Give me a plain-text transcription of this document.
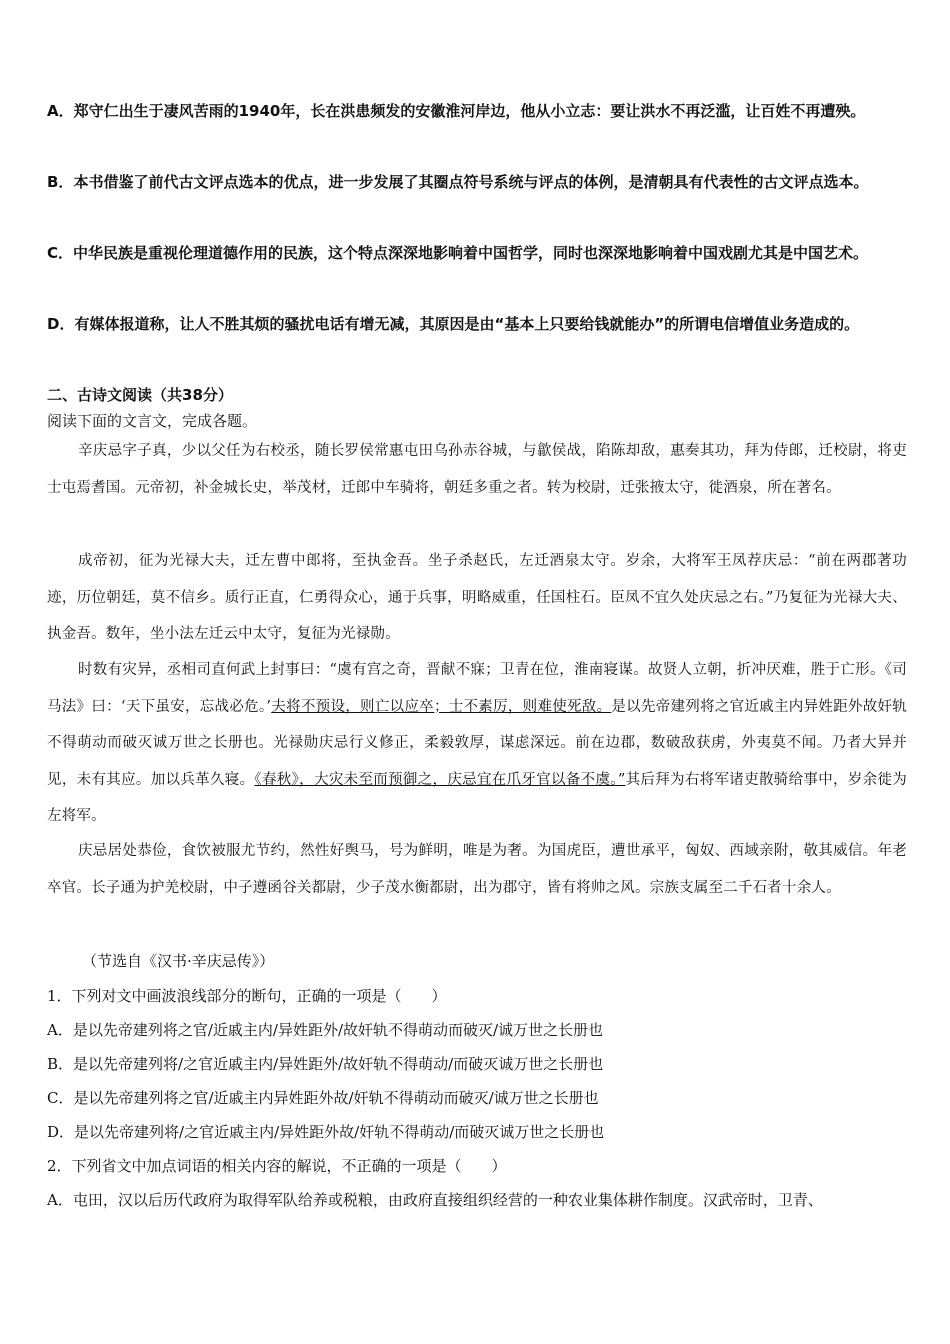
A．郑守仁出生于凄风苦雨的1940年，长在洪患频发的安徽淮河岸边，他从小立志：要让洪水不再泛滥，让百姓不再遭殃。
B．本书借鉴了前代古文评点选本的优点，进一步发展了其圈点符号系统与评点的体例，是清朝具有代表性的古文评点选本。
C．中华民族是重视伦理道德作用的民族，这个特点深深地影响着中国哲学，同时也深深地影响着中国戏剧尤其是中国艺术。
D．有媒体报道称，让人不胜其烦的骚扰电话有增无减，其原因是由“基本上只要给钱就能办”的所谓电信增值业务造成的。
二、古诗文阅读（共38分）
阅读下面的文言文，完成各题。
辛庆忌字子真，少以父任为右校丞，随长罗侯常惠屯田乌孙赤谷城，与歙侯战，陷陈却敌，惠奏其功，拜为侍郎，迁校尉，将吏士屯焉耆国。元帝初，补金城长史，举茂材，迁郎中车骑将，朝廷多重之者。转为校尉，迁张掖太守，徙酒泉，所在著名。
成帝初，征为光禄大夫，迁左曹中郎将，至执金吾。坐子杀赵氏，左迁酒泉太守。岁余，大将军王凤荐庆忌：“前在两郡著功迹，历位朝廷，莫不信乡。质行正直，仁勇得众心，通于兵事，明略威重，任国柱石。臣凤不宜久处庆忌之右。”乃复征为光禄大夫、执金吾。数年，坐小法左迁云中太守，复征为光禄勋。
时数有灾异，丞相司直何武上封事曰：“虞有宫之奇，晋献不寐；卫青在位，淮南寝谋。故贤人立朝，折冲厌难，胜于亡形。《司马法》曰：‘天下虽安，忘战必危。’夫将不预设，则亡以应卒；士不素厉，则难使死敌。是以先帝建列将之官近戚主内异姓距外故奸轨不得萌动而破灭诚万世之长册也。光禄勋庆忌行义修正，柔毅敦厚，谋虑深远。前在边郡，数破敌获虏，外夷莫不闻。乃者大异并见，未有其应。加以兵革久寝。《春秋》，大灾未至而预御之，庆忌宜在爪牙官以备不虞。”其后拜为右将军诸吏散骑给事中，岁余徙为左将军。
庆忌居处恭俭，食饮被服尤节约，然性好舆马，号为鲜明，唯是为奢。为国虎臣，遭世承平，匈奴、西域亲附，敬其威信。年老卒官。长子通为护羌校尉，中子遵函谷关都尉，少子茂水衡都尉，出为郡守，皆有将帅之风。宗族支属至二千石者十余人。
（节选自《汉书·辛庆忌传》）
1．下列对文中画波浪线部分的断句，正确的一项是（　　）
A．是以先帝建列将之官/近戚主内/异姓距外/故奸轨不得萌动而破灭/诚万世之长册也
B．是以先帝建列将/之官近戚主内/异姓距外/故奸轨不得萌动/而破灭诚万世之长册也
C．是以先帝建列将之官/近戚主内异姓距外故/奸轨不得萌动而破灭/诚万世之长册也
D．是以先帝建列将/之官近戚主内/异姓距外故/奸轨不得萌动/而破灭诚万世之长册也
2．下列省文中加点词语的相关内容的解说，不正确的一项是（　　）
A．屯田，汉以后历代政府为取得军队给养或税粮，由政府直接组织经营的一种农业集体耕作制度。汉武帝时，卫青、
